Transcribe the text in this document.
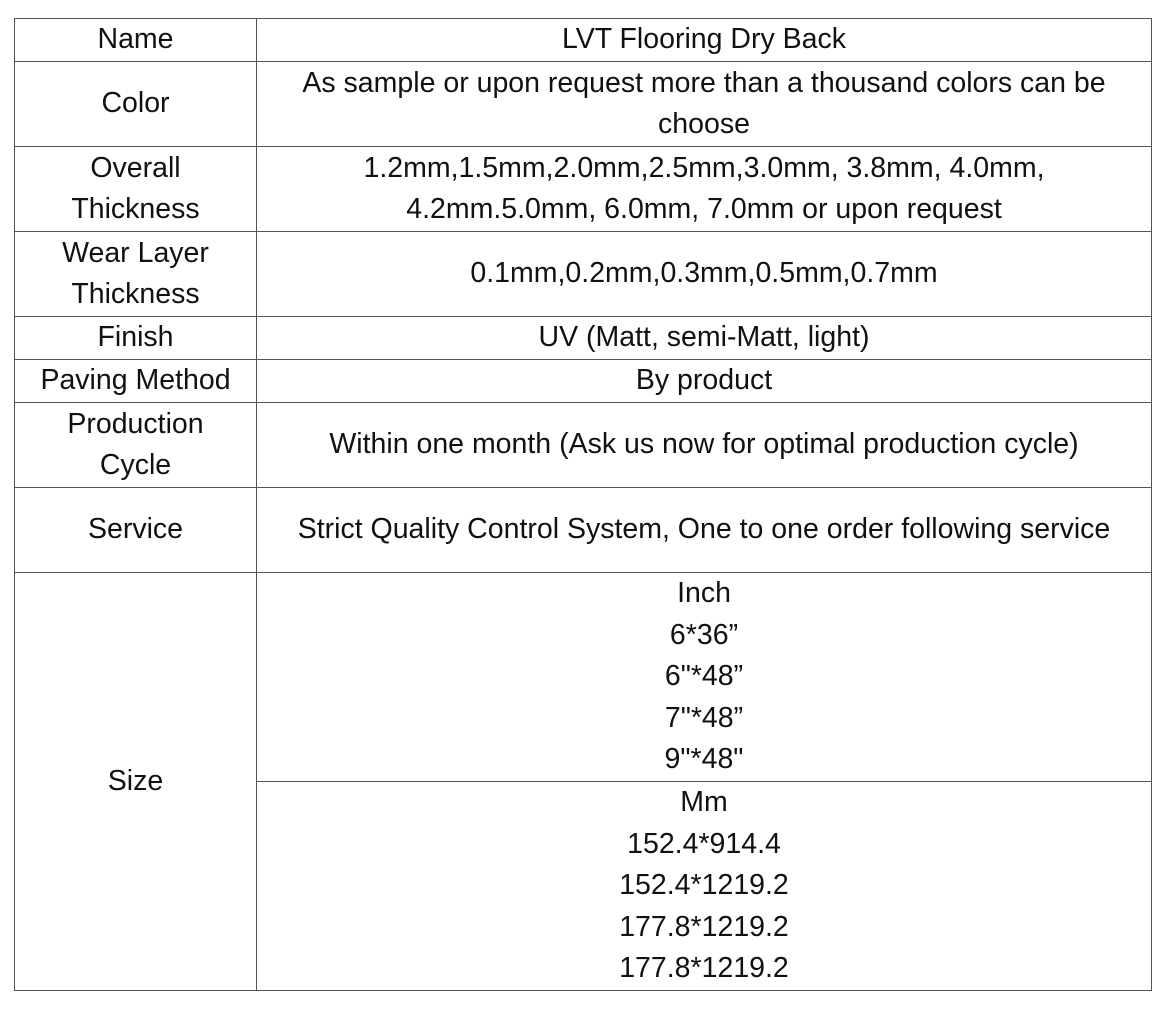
Name	LVT Flooring Dry Back
Color	As sample or upon request more than a thousand colors can be choose

Overall
Thickness	1.2mm,1.5mm,2.0mm,2.5mm,3.0mm, 3.8mm, 4.0mm, 4.2mm.5.0mm, 6.0mm, 7.0mm or upon request

Wear Layer
Thickness	0.1mm,0.2mm,0.3mm,0.5mm,0.7mm
Finish	UV (Matt, semi-Matt, light)
Paving Method	By product

Production
Cycle	Within one month (Ask us now for optimal production cycle)
Service	Strict Quality Control System, One to one order following service
Size	Inch
6*36”
6"*48”
7"*48”
9"*48"

	Mm
152.4*914.4
152.4*1219.2
177.8*1219.2
177.8*1219.2
